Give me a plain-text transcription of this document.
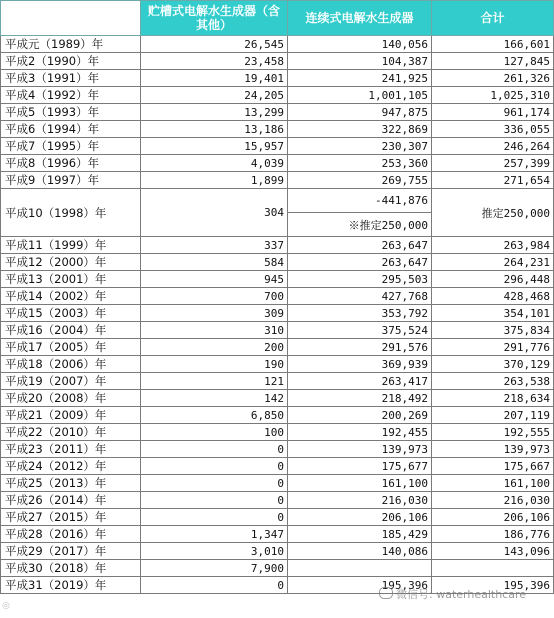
	贮槽式电解水生成器（含其他）	连续式电解水生成器	合计
平成元（1989）年	26,545	140,056	166,601
平成2（1990）年	23,458	104,387	127,845
平成3（1991）年	19,401	241,925	261,326
平成4（1992）年	24,205	1,001,105	1,025,310
平成5（1993）年	13,299	947,875	961,174
平成6（1994）年	13,186	322,869	336,055
平成7（1995）年	15,957	230,307	246,264
平成8（1996）年	4,039	253,360	257,399
平成9（1997）年	1,899	269,755	271,654
平成10（1998）年	304	-441,876	推定250,000
		※推定250,000	
平成11（1999）年	337	263,647	263,984
平成12（2000）年	584	263,647	264,231
平成13（2001）年	945	295,503	296,448
平成14（2002）年	700	427,768	428,468
平成15（2003）年	309	353,792	354,101
平成16（2004）年	310	375,524	375,834
平成17（2005）年	200	291,576	291,776
平成18（2006）年	190	369,939	370,129
平成19（2007）年	121	263,417	263,538
平成20（2008）年	142	218,492	218,634
平成21（2009）年	6,850	200,269	207,119
平成22（2010）年	100	192,455	192,555
平成23（2011）年	0	139,973	139,973
平成24（2012）年	0	175,677	175,667
平成25（2013）年	0	161,100	161,100
平成26（2014）年	0	216,030	216,030
平成27（2015）年	0	206,106	206,106
平成28（2016）年	1,347	185,429	186,776
平成29（2017）年	3,010	140,086	143,096
平成30（2018）年	7,900		
平成31（2019）年	0	195,396	195,396
微信号: waterhealthcare
◎
